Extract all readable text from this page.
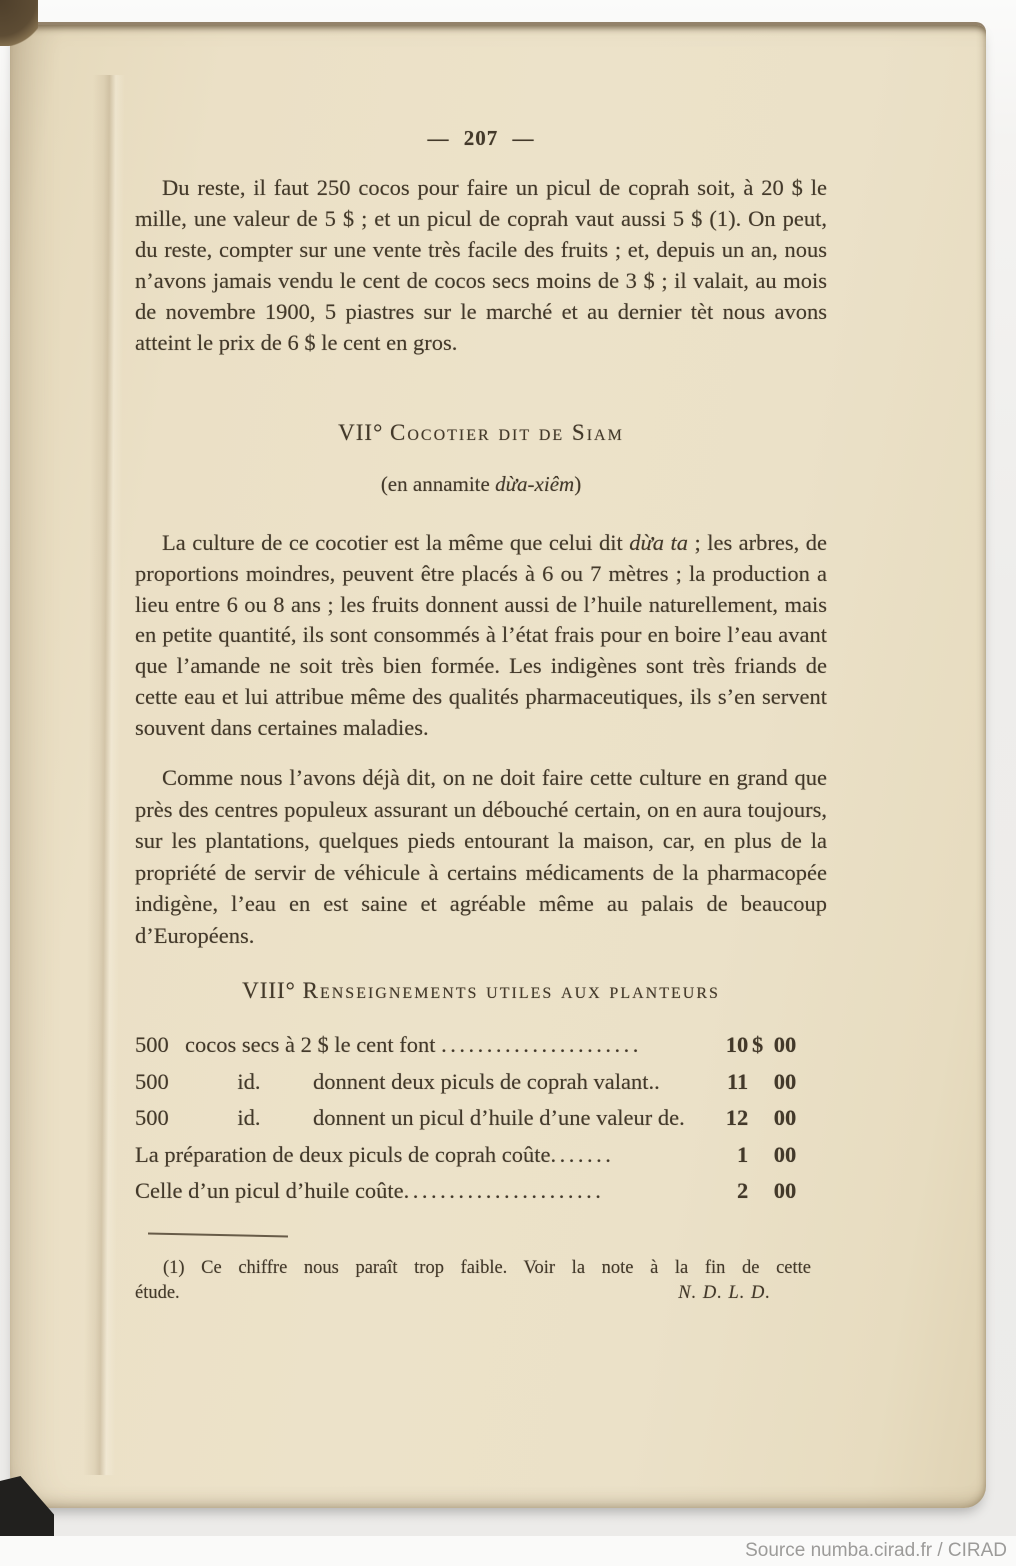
— 207 —
Du reste, il faut 250 cocos pour faire un picul de coprah soit, à 20 $ le mille, une valeur de 5 $ ; et un picul de coprah vaut aussi 5 $ (1). On peut, du reste, compter sur une vente très facile des fruits ; et, depuis un an, nous n’avons jamais vendu le cent de cocos secs moins de 3 $ ; il valait, au mois de novembre 1900, 5 piastres sur le marché et au dernier tèt nous avons atteint le prix de 6 $ le cent en gros.
VII° Cocotier dit de Siam
(en annamite dừa-xiêm)
La culture de ce cocotier est la même que celui dit dừa ta ; les arbres, de proportions moindres, peuvent être placés à 6 ou 7 mètres ; la production a lieu entre 6 ou 8 ans ; les fruits donnent aussi de l’huile naturellement, mais en petite quantité, ils sont consommés à l’état frais pour en boire l’eau avant que l’amande ne soit très bien formée. Les indigènes sont très friands de cette eau et lui attribue même des qualités pharmaceutiques, ils s’en servent souvent dans certaines maladies.
Comme nous l’avons déjà dit, on ne doit faire cette culture en grand que près des centres populeux assurant un débouché certain, on en aura toujours, sur les plantations, quelques pieds entourant la maison, car, en plus de la propriété de servir de véhicule à certains médicaments de la pharmacopée indigène, l’eau en est saine et agréable même au palais de beaucoup d’Européens.
VIII° Renseignements utiles aux planteurs
500 cocos secs à 2 $ le cent font ......................	10 $ 00
500	id.	donnent deux piculs de coprah valant..	11 00
500	id.	donnent un picul d’huile d’une valeur de.	12 00
La préparation de deux piculs de coprah coûte.......	1 00
Celle d’un picul d’huile coûte......................	2 00
(1) Ce chiffre nous paraît trop faible. Voir la note à la fin de cette
étude.	N. D. L. D.
Source numba.cirad.fr / CIRAD
